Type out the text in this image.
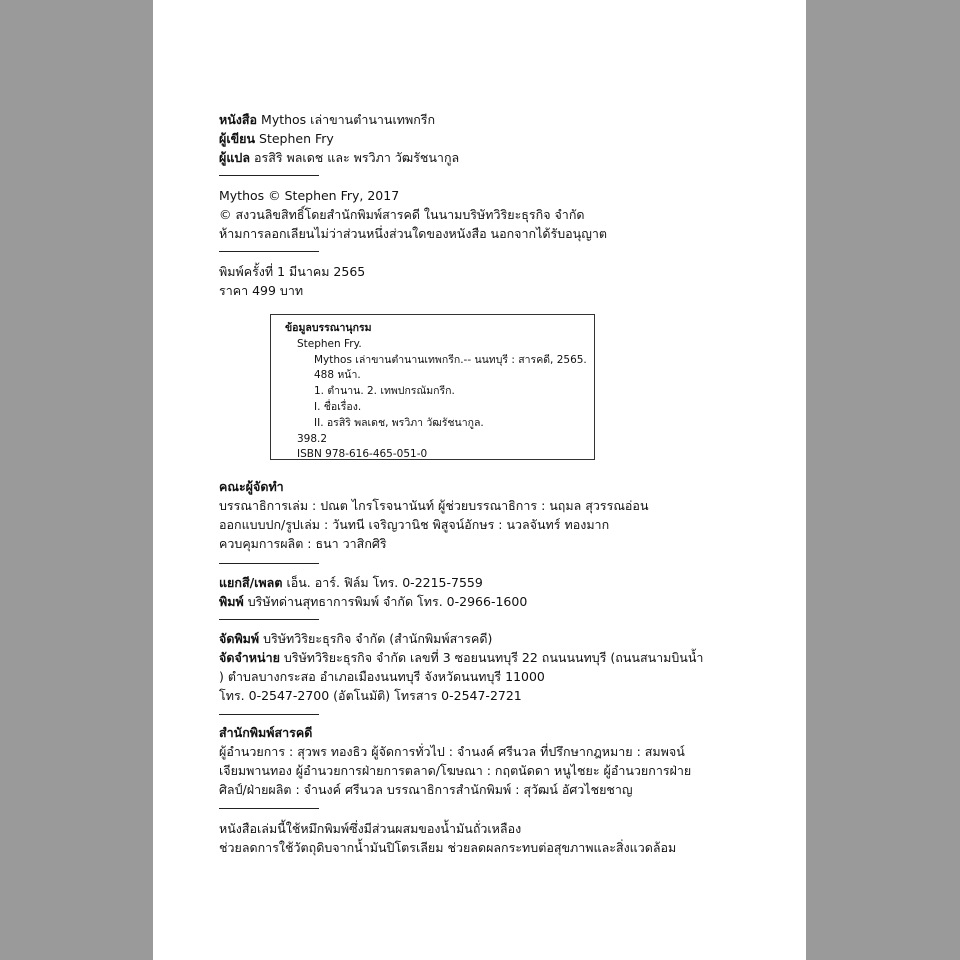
หนังสือ Mythos เล่าขานตำนานเทพกรีก
ผู้เขียน Stephen Fry
ผู้แปล อรสิริ พลเดช และ พรวิภา วัฒรัชนากูล
Mythos © Stephen Fry, 2017
© สงวนลิขสิทธิ์โดยสำนักพิมพ์สารคดี ในนามบริษัทวิริยะธุรกิจ จำกัด
ห้ามการลอกเลียนไม่ว่าส่วนหนึ่งส่วนใดของหนังสือ นอกจากได้รับอนุญาต
พิมพ์ครั้งที่ 1 มีนาคม 2565
ราคา 499 บาท
ข้อมูลบรรณานุกรม
Stephen Fry.
Mythos เล่าขานตำนานเทพกรีก.-- นนทบุรี : สารคดี, 2565.
488 หน้า.
1. ตำนาน. 2. เทพปกรณัมกรีก.
I. ชื่อเรื่อง.
II. อรสิริ พลเดช, พรวิภา วัฒรัชนากูล.
398.2
ISBN 978-616-465-051-0
คณะผู้จัดทำ
บรรณาธิการเล่ม : ปณต ไกรโรจนานันท์ ผู้ช่วยบรรณาธิการ : นฤมล สุวรรณอ่อน
ออกแบบปก/รูปเล่ม : วันทนี เจริญวานิช พิสูจน์อักษร : นวลจันทร์ ทองมาก
ควบคุมการผลิต : ธนา วาสิกศิริ
แยกสี/เพลต เอ็น. อาร์. ฟิล์ม โทร. 0-2215-7559
พิมพ์ บริษัทด่านสุทธาการพิมพ์ จำกัด โทร. 0-2966-1600
จัดพิมพ์ บริษัทวิริยะธุรกิจ จำกัด (สำนักพิมพ์สารคดี)
จัดจำหน่าย บริษัทวิริยะธุรกิจ จำกัด เลขที่ 3 ซอยนนทบุรี 22 ถนนนนทบุรี (ถนนสนามบินน้ำ
) ตำบลบางกระสอ อำเภอเมืองนนทบุรี จังหวัดนนทบุรี 11000
โทร. 0-2547-2700 (อัตโนมัติ) โทรสาร 0-2547-2721
สำนักพิมพ์สารคดี
ผู้อำนวยการ : สุวพร ทองธิว ผู้จัดการทั่วไป : จำนงค์ ศรีนวล ที่ปรึกษากฎหมาย : สมพจน์
เจียมพานทอง ผู้อำนวยการฝ่ายการตลาด/โฆษณา : กฤตนัดดา หนูไชยะ ผู้อำนวยการฝ่าย
ศิลป์/ฝ่ายผลิต : จำนงค์ ศรีนวล บรรณาธิการสำนักพิมพ์ : สุวัฒน์ อัศวไชยชาญ
หนังสือเล่มนี้ใช้หมึกพิมพ์ซึ่งมีส่วนผสมของน้ำมันถั่วเหลือง
ช่วยลดการใช้วัตถุดิบจากน้ำมันปิโตรเลียม ช่วยลดผลกระทบต่อสุขภาพและสิ่งแวดล้อม
